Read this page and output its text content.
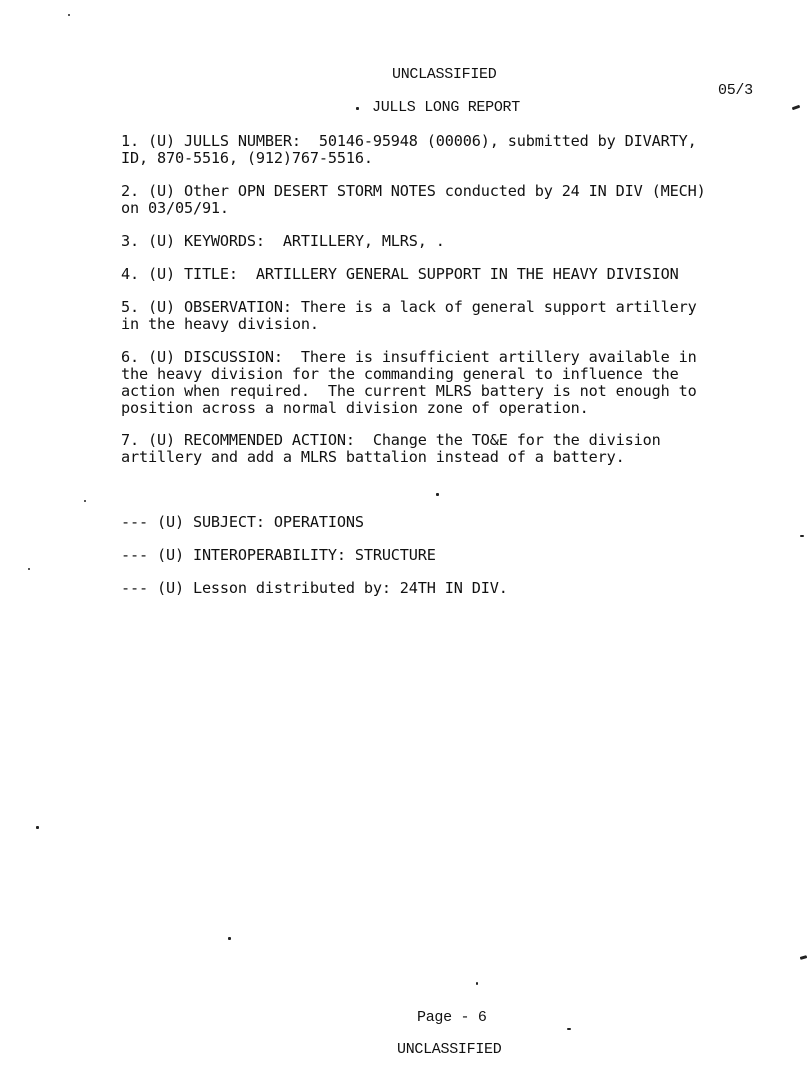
UNCLASSIFIED
05/3
JULLS LONG REPORT
1. (U) JULLS NUMBER:  50146-95948 (00006), submitted by DIVARTY,
ID, 870-5516, (912)767-5516.
2. (U) Other OPN DESERT STORM NOTES conducted by 24 IN DIV (MECH)
on 03/05/91.
3. (U) KEYWORDS:  ARTILLERY, MLRS, .
4. (U) TITLE:  ARTILLERY GENERAL SUPPORT IN THE HEAVY DIVISION
5. (U) OBSERVATION: There is a lack of general support artillery
in the heavy division.
6. (U) DISCUSSION:  There is insufficient artillery available in
the heavy division for the commanding general to influence the
action when required.  The current MLRS battery is not enough to
position across a normal division zone of operation.
7. (U) RECOMMENDED ACTION:  Change the TO&E for the division
artillery and add a MLRS battalion instead of a battery.
--- (U) SUBJECT: OPERATIONS
--- (U) INTEROPERABILITY: STRUCTURE
--- (U) Lesson distributed by: 24TH IN DIV.
Page - 6
UNCLASSIFIED
